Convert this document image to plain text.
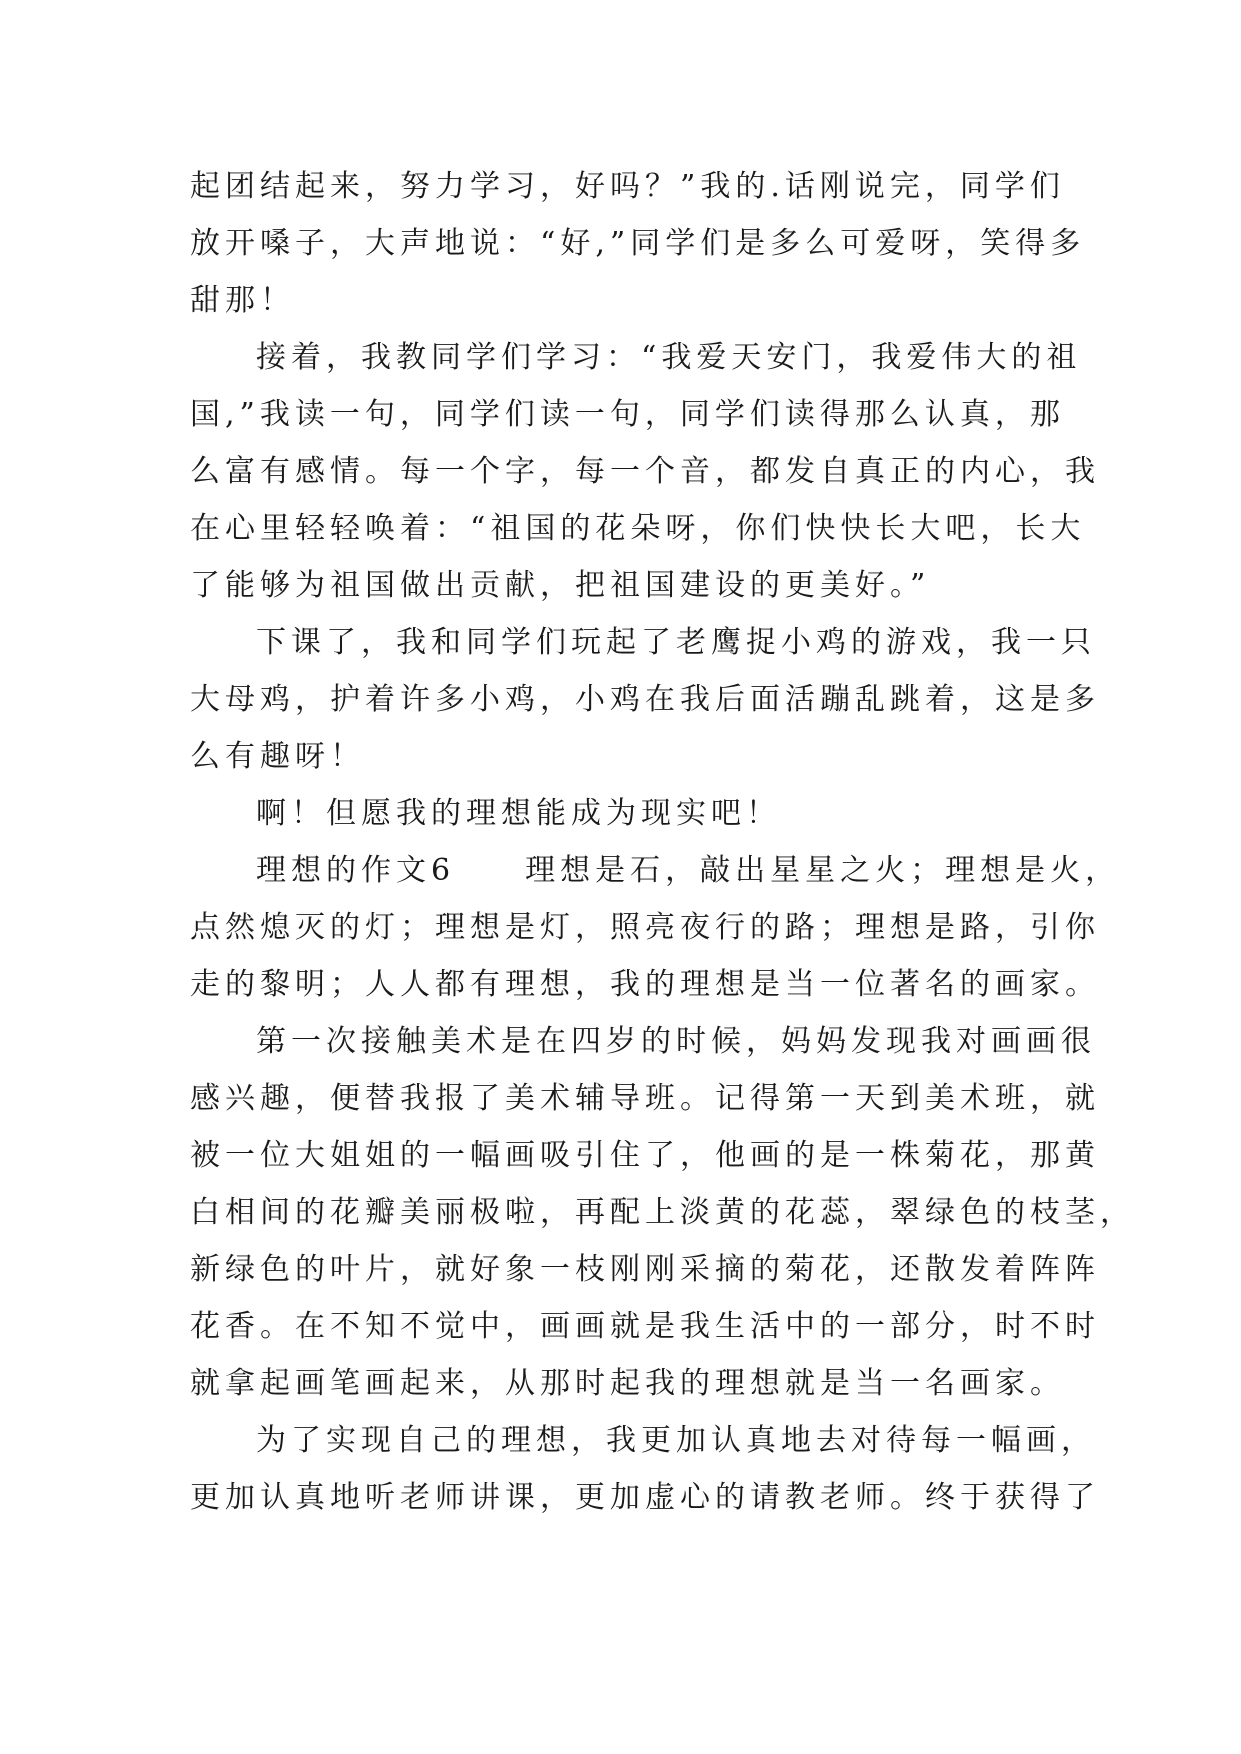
起团结起来，努力学习，好吗？”我的.话刚说完，同学们
放开嗓子，大声地说：“好,”同学们是多么可爱呀，笑得多
甜那！
接着，我教同学们学习：“我爱天安门，我爱伟大的祖
国,”我读一句，同学们读一句，同学们读得那么认真，那
么富有感情。每一个字，每一个音，都发自真正的内心，我
在心里轻轻唤着：“祖国的花朵呀，你们快快长大吧，长大
了能够为祖国做出贡献，把祖国建设的更美好。”
下课了，我和同学们玩起了老鹰捉小鸡的游戏，我一只
大母鸡，护着许多小鸡，小鸡在我后面活蹦乱跳着，这是多
么有趣呀！
啊！但愿我的理想能成为现实吧！
理想的作文6　　理想是石，敲出星星之火；理想是火，
点然熄灭的灯；理想是灯，照亮夜行的路；理想是路，引你
走的黎明；人人都有理想，我的理想是当一位著名的画家。
第一次接触美术是在四岁的时候，妈妈发现我对画画很
感兴趣，便替我报了美术辅导班。记得第一天到美术班，就
被一位大姐姐的一幅画吸引住了，他画的是一株菊花，那黄
白相间的花瓣美丽极啦，再配上淡黄的花蕊，翠绿色的枝茎，
新绿色的叶片，就好象一枝刚刚采摘的菊花，还散发着阵阵
花香。在不知不觉中，画画就是我生活中的一部分，时不时
就拿起画笔画起来，从那时起我的理想就是当一名画家。
为了实现自己的理想，我更加认真地去对待每一幅画，
更加认真地听老师讲课，更加虚心的请教老师。终于获得了
